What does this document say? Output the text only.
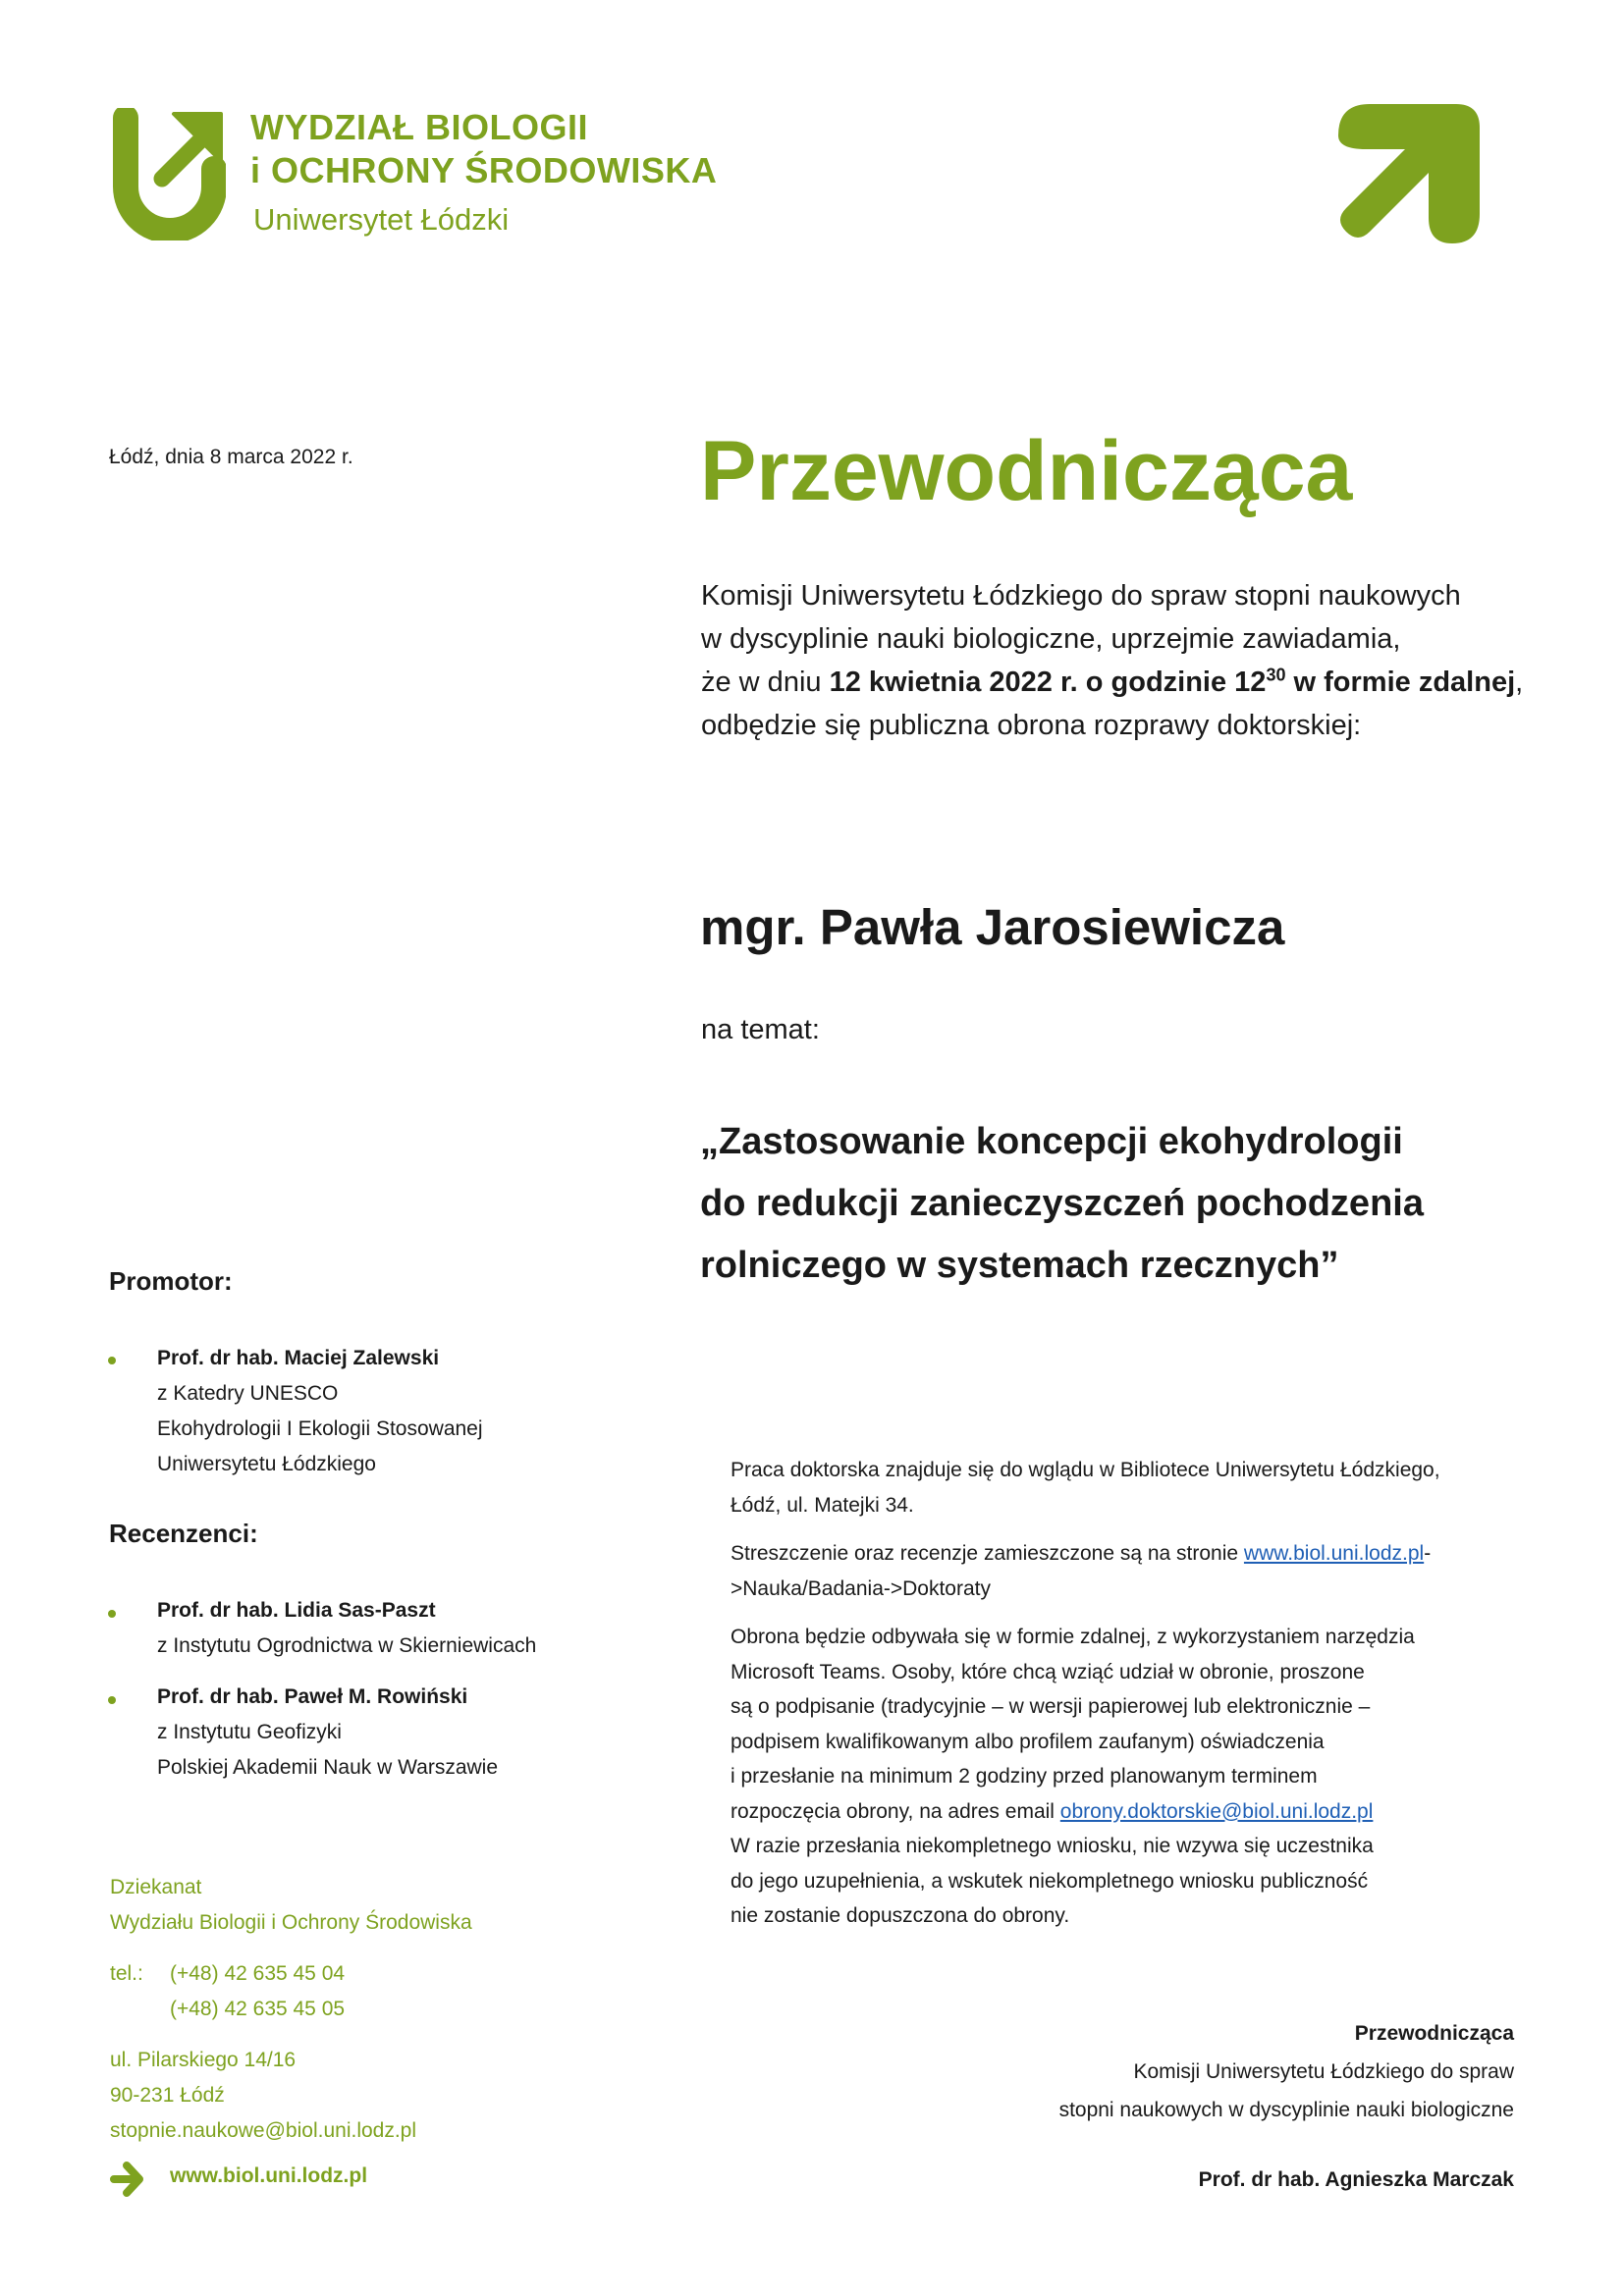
WYDZIAŁ BIOLOGII
i OCHRONY ŚRODOWISKA
Uniwersytet Łódzki
Łódź, dnia 8 marca 2022 r.	Przewodnicząca
Komisji Uniwersytetu Łódzkiego do spraw stopni naukowych
w dyscyplinie nauki biologiczne, uprzejmie zawiadamia,
że w dniu 12 kwietnia 2022 r. o godzinie $12^{30}$ w formie zdalnej,
odbędzie się publiczna obrona rozprawy doktorskiej:
mgr. Pawła Jarosiewicza
na temat:
„Zastosowanie koncepcji ekohydrologii
do redukcji zanieczyszczeń pochodzenia
rolniczego w systemach rzecznych”
Promotor:
Prof. dr hab. Maciej Zalewski
z Katedry UNESCO
Ekohydrologii I Ekologii Stosowanej
Uniwersytetu Łódzkiego
Recenzenci:
Prof. dr hab. Lidia Sas-Paszt
z Instytutu Ogrodnictwa w Skierniewicach
Prof. dr hab. Paweł M. Rowiński
z Instytutu Geofizyki
Polskiej Akademii Nauk w Warszawie
Dziekanat
Wydziału Biologii i Ochrony Środowiska
tel.: (+48) 42 635 45 04
(+48) 42 635 45 05
ul. Pilarskiego 14/16
90-231 Łódź
stopnie.naukowe@biol.uni.lodz.pl
www.biol.uni.lodz.pl
Praca doktorska znajduje się do wglądu w Bibliotece Uniwersytetu Łódzkiego,
Łódź, ul. Matejki 34.
Streszczenie oraz recenzje zamieszczone są na stronie www.biol.uni.lodz.pl-
>Nauka/Badania->Doktoraty
Obrona będzie odbywała się w formie zdalnej, z wykorzystaniem narzędzia
Microsoft Teams. Osoby, które chcą wziąć udział w obronie, proszone
są o podpisanie (tradycyjnie – w wersji papierowej lub elektronicznie –
podpisem kwalifikowanym albo profilem zaufanym) oświadczenia
i przesłanie na minimum 2 godziny przed planowanym terminem
rozpoczęcia obrony, na adres email obrony.doktorskie@biol.uni.lodz.pl
W razie przesłania niekompletnego wniosku, nie wzywa się uczestnika
do jego uzupełnienia, a wskutek niekompletnego wniosku publiczność
nie zostanie dopuszczona do obrony.
Przewodnicząca
Komisji Uniwersytetu Łódzkiego do spraw
stopni naukowych w dyscyplinie nauki biologiczne
Prof. dr hab. Agnieszka Marczak
